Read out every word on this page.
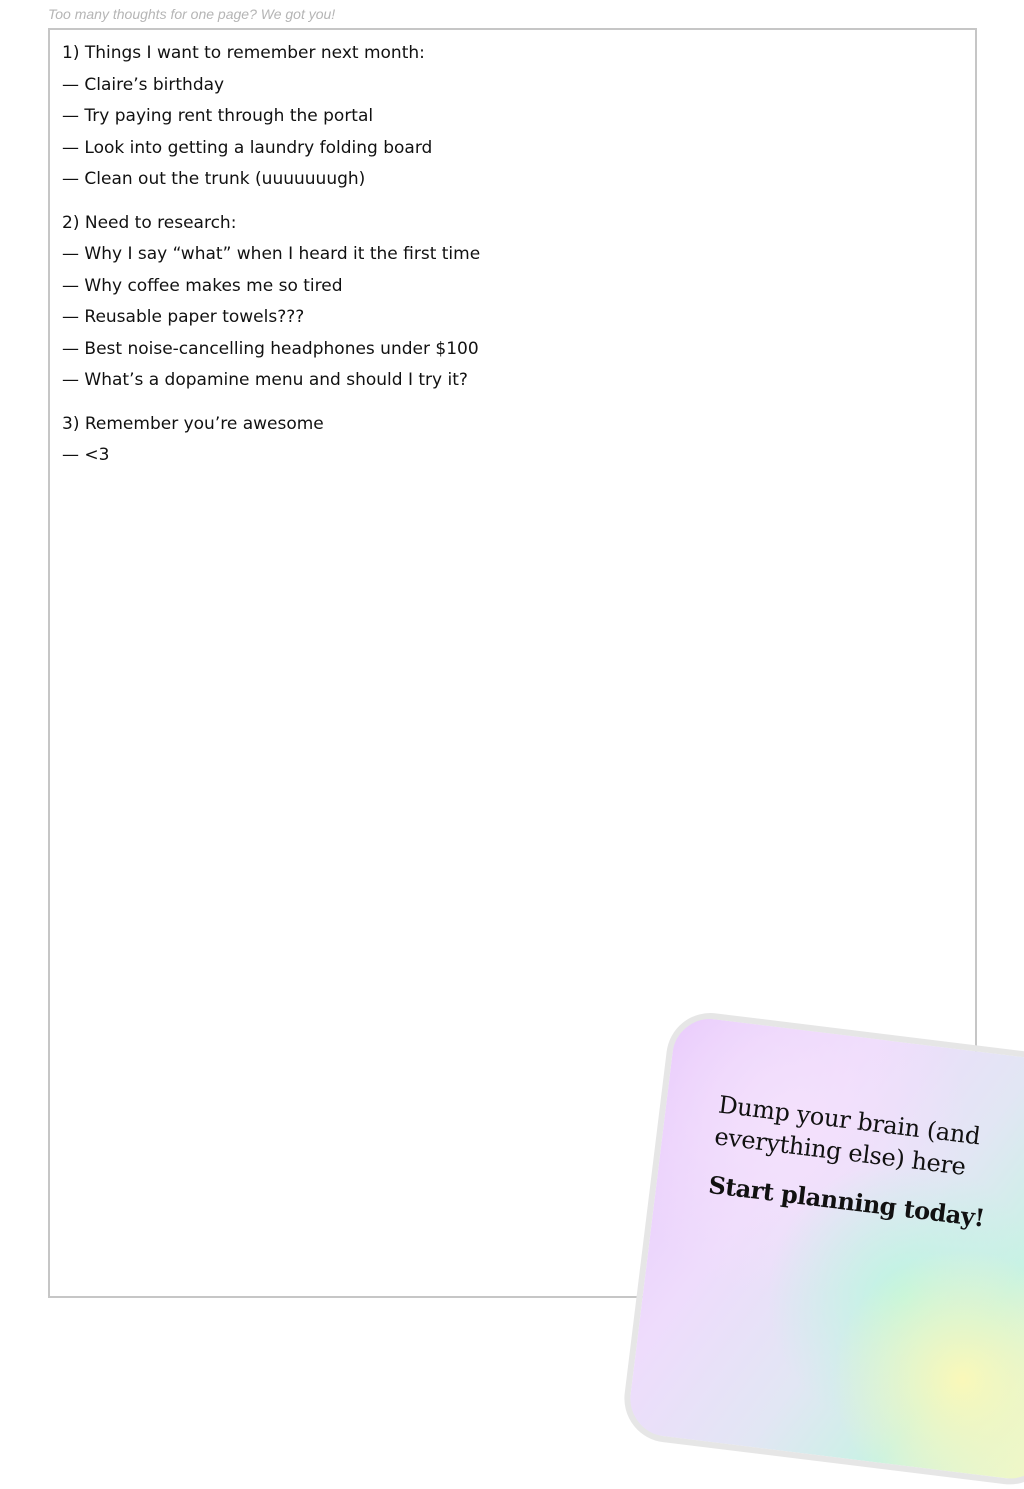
Too many thoughts for one page? We got you!
1) Things I want to remember next month:
— Claire’s birthday
— Try paying rent through the portal
— Look into getting a laundry folding board
— Clean out the trunk (uuuuuuugh)
2) Need to research:
— Why I say “what” when I heard it the first time
— Why coffee makes me so tired
— Reusable paper towels???
— Best noise-cancelling headphones under $100
— What’s a dopamine menu and should I try it?
3) Remember you’re awesome
— <3
Dump your brain (and everything else) here
Start planning today!
